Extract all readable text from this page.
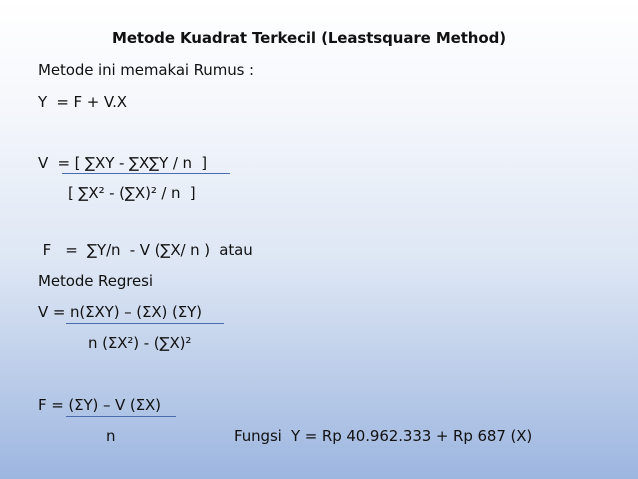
Metode Kuadrat Terkecil (Leastsquare Method)
Metode ini memakai Rumus :
Y  = F + V.X
V  = [ ∑XY - ∑X∑Y / n  ]
[ ∑X² - (∑X)² / n  ]
F   =  ∑Y/n  - V (∑X/ n )  atau
Metode Regresi
V = n(ΣXY) – (ΣX) (ΣY)
n (ΣX²) - (∑X)²
F = (ΣY) – V (ΣX)
n	Fungsi  Y = Rp 40.962.333 + Rp 687 (X)
